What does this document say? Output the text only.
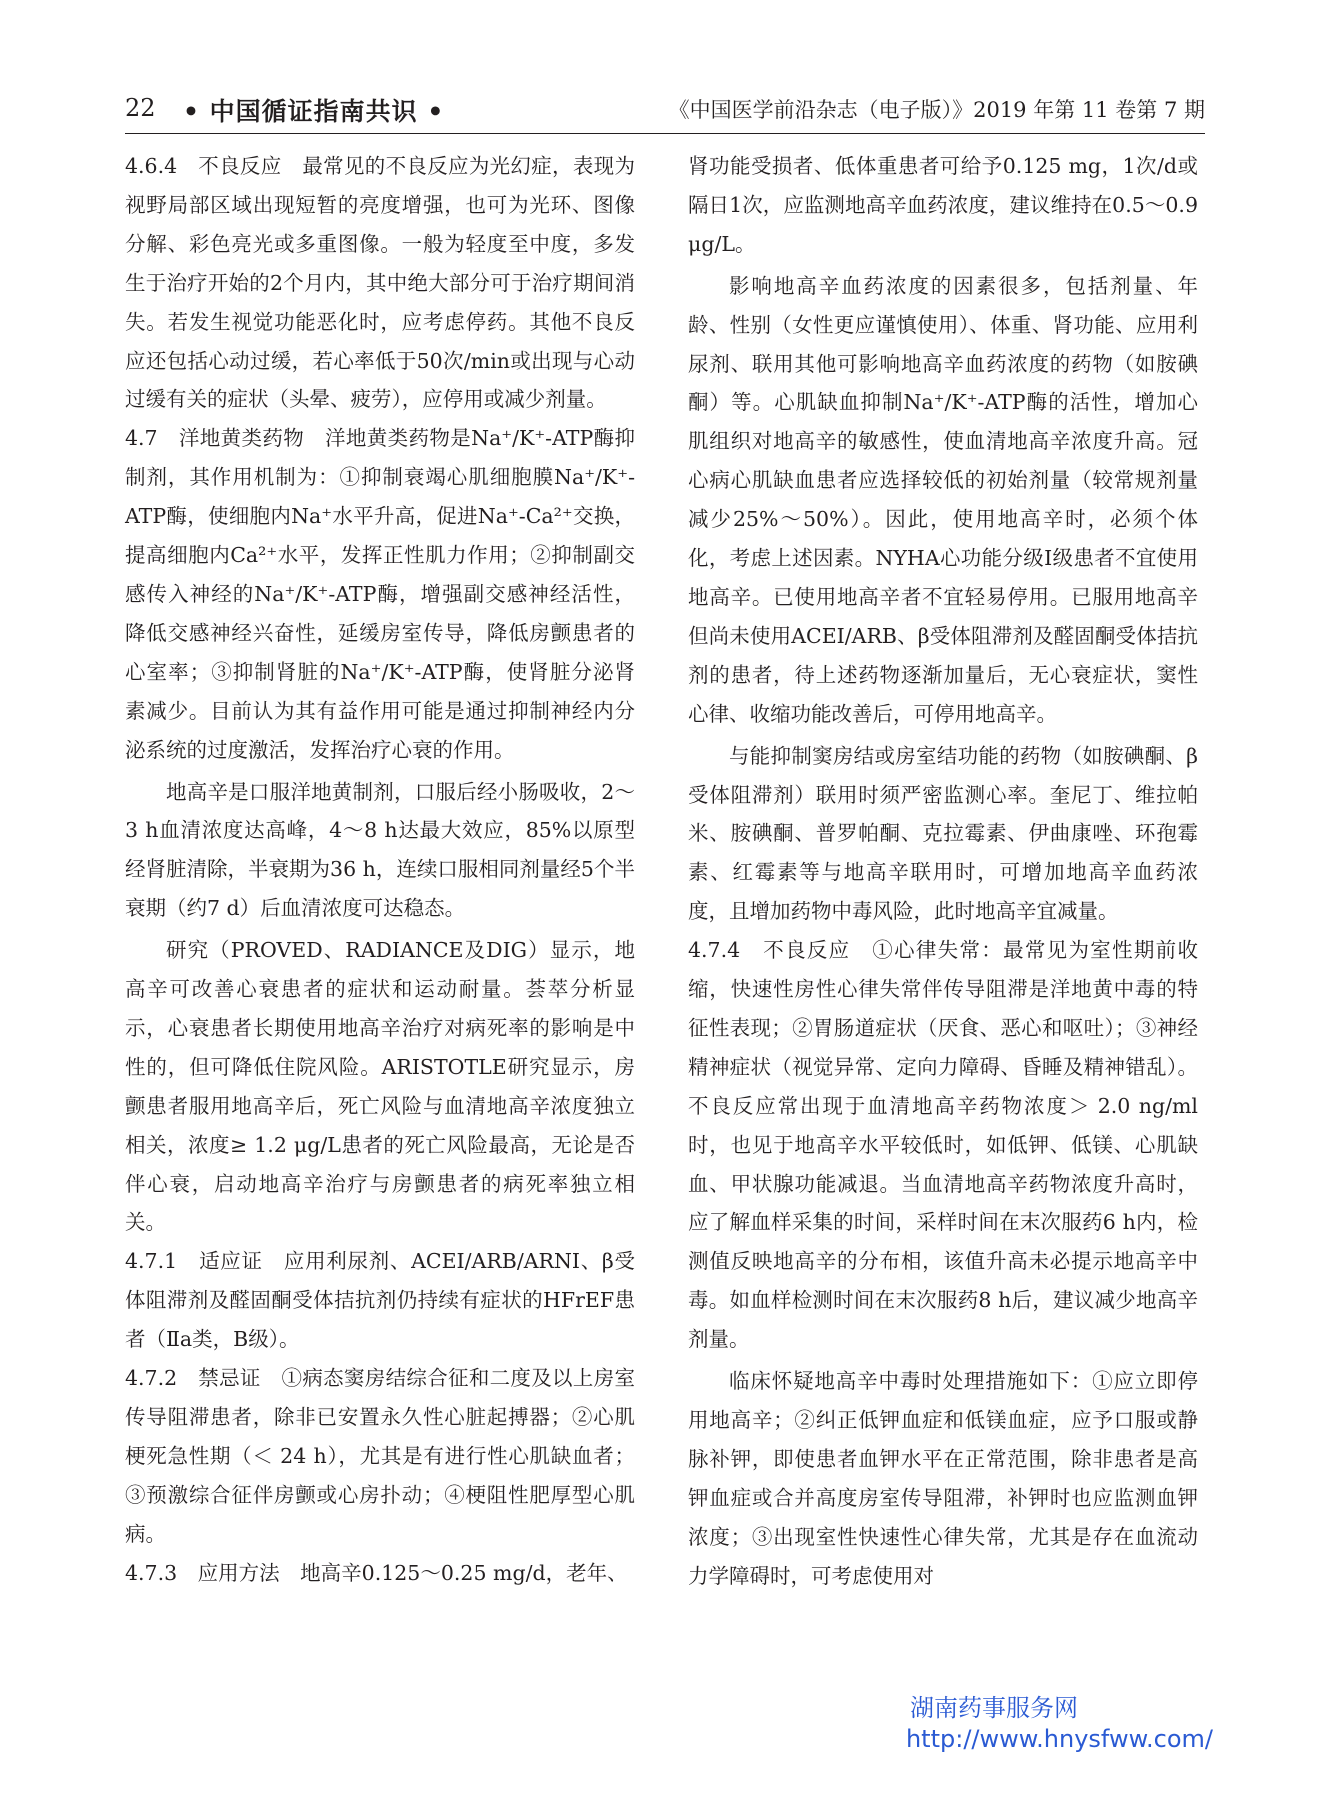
22 • 中国循证指南共识 •	《中国医学前沿杂志（电子版）》2019 年第 11 卷第 7 期

4.6.4　不良反应　最常见的不良反应为光幻症，表现为视野局部区域出现短暂的亮度增强，也可为光环、图像分解、彩色亮光或多重图像。一般为轻度至中度，多发生于治疗开始的2个月内，其中绝大部分可于治疗期间消失。若发生视觉功能恶化时，应考虑停药。其他不良反应还包括心动过缓，若心率低于50次/min或出现与心动过缓有关的症状（头晕、疲劳），应停用或减少剂量。

4.7　洋地黄类药物　洋地黄类药物是Na⁺/K⁺-ATP酶抑制剂，其作用机制为：①抑制衰竭心肌细胞膜Na⁺/K⁺-ATP酶，使细胞内Na⁺水平升高，促进Na⁺-Ca²⁺交换，提高细胞内Ca²⁺水平，发挥正性肌力作用；②抑制副交感传入神经的Na⁺/K⁺-ATP酶，增强副交感神经活性，降低交感神经兴奋性，延缓房室传导，降低房颤患者的心室率；③抑制肾脏的Na⁺/K⁺-ATP酶，使肾脏分泌肾素减少。目前认为其有益作用可能是通过抑制神经内分泌系统的过度激活，发挥治疗心衰的作用。

地高辛是口服洋地黄制剂，口服后经小肠吸收，2～3 h血清浓度达高峰，4～8 h达最大效应，85%以原型经肾脏清除，半衰期为36 h，连续口服相同剂量经5个半衰期（约7 d）后血清浓度可达稳态。

研究（PROVED、RADIANCE及DIG）显示，地高辛可改善心衰患者的症状和运动耐量。荟萃分析显示，心衰患者长期使用地高辛治疗对病死率的影响是中性的，但可降低住院风险。ARISTOTLE研究显示，房颤患者服用地高辛后，死亡风险与血清地高辛浓度独立相关，浓度≥ 1.2 μg/L患者的死亡风险最高，无论是否伴心衰，启动地高辛治疗与房颤患者的病死率独立相关。

4.7.1　适应证　应用利尿剂、ACEI/ARB/ARNI、β受体阻滞剂及醛固酮受体拮抗剂仍持续有症状的HFrEF患者（Ⅱa类，B级）。

4.7.2　禁忌证　①病态窦房结综合征和二度及以上房室传导阻滞患者，除非已安置永久性心脏起搏器；②心肌梗死急性期（＜ 24 h），尤其是有进行性心肌缺血者；③预激综合征伴房颤或心房扑动；④梗阻性肥厚型心肌病。

4.7.3　应用方法　地高辛0.125～0.25 mg/d，老年、

肾功能受损者、低体重患者可给予0.125 mg，1次/d或隔日1次，应监测地高辛血药浓度，建议维持在0.5～0.9 μg/L。

影响地高辛血药浓度的因素很多，包括剂量、年龄、性别（女性更应谨慎使用）、体重、肾功能、应用利尿剂、联用其他可影响地高辛血药浓度的药物（如胺碘酮）等。心肌缺血抑制Na⁺/K⁺-ATP酶的活性，增加心肌组织对地高辛的敏感性，使血清地高辛浓度升高。冠心病心肌缺血患者应选择较低的初始剂量（较常规剂量减少25%～50%）。因此，使用地高辛时，必须个体化，考虑上述因素。NYHA心功能分级Ⅰ级患者不宜使用地高辛。已使用地高辛者不宜轻易停用。已服用地高辛但尚未使用ACEI/ARB、β受体阻滞剂及醛固酮受体拮抗剂的患者，待上述药物逐渐加量后，无心衰症状，窦性心律、收缩功能改善后，可停用地高辛。

与能抑制窦房结或房室结功能的药物（如胺碘酮、β受体阻滞剂）联用时须严密监测心率。奎尼丁、维拉帕米、胺碘酮、普罗帕酮、克拉霉素、伊曲康唑、环孢霉素、红霉素等与地高辛联用时，可增加地高辛血药浓度，且增加药物中毒风险，此时地高辛宜减量。

4.7.4　不良反应　①心律失常：最常见为室性期前收缩，快速性房性心律失常伴传导阻滞是洋地黄中毒的特征性表现；②胃肠道症状（厌食、恶心和呕吐）；③神经精神症状（视觉异常、定向力障碍、昏睡及精神错乱）。不良反应常出现于血清地高辛药物浓度＞ 2.0 ng/ml时，也见于地高辛水平较低时，如低钾、低镁、心肌缺血、甲状腺功能减退。当血清地高辛药物浓度升高时，应了解血样采集的时间，采样时间在末次服药6 h内，检测值反映地高辛的分布相，该值升高未必提示地高辛中毒。如血样检测时间在末次服药8 h后，建议减少地高辛剂量。

临床怀疑地高辛中毒时处理措施如下：①应立即停用地高辛；②纠正低钾血症和低镁血症，应予口服或静脉补钾，即使患者血钾水平在正常范围，除非患者是高钾血症或合并高度房室传导阻滞，补钾时也应监测血钾浓度；③出现室性快速性心律失常，尤其是存在血流动力学障碍时，可考虑使用对

湖南药事服务网
http://www.hnysfww.com/
